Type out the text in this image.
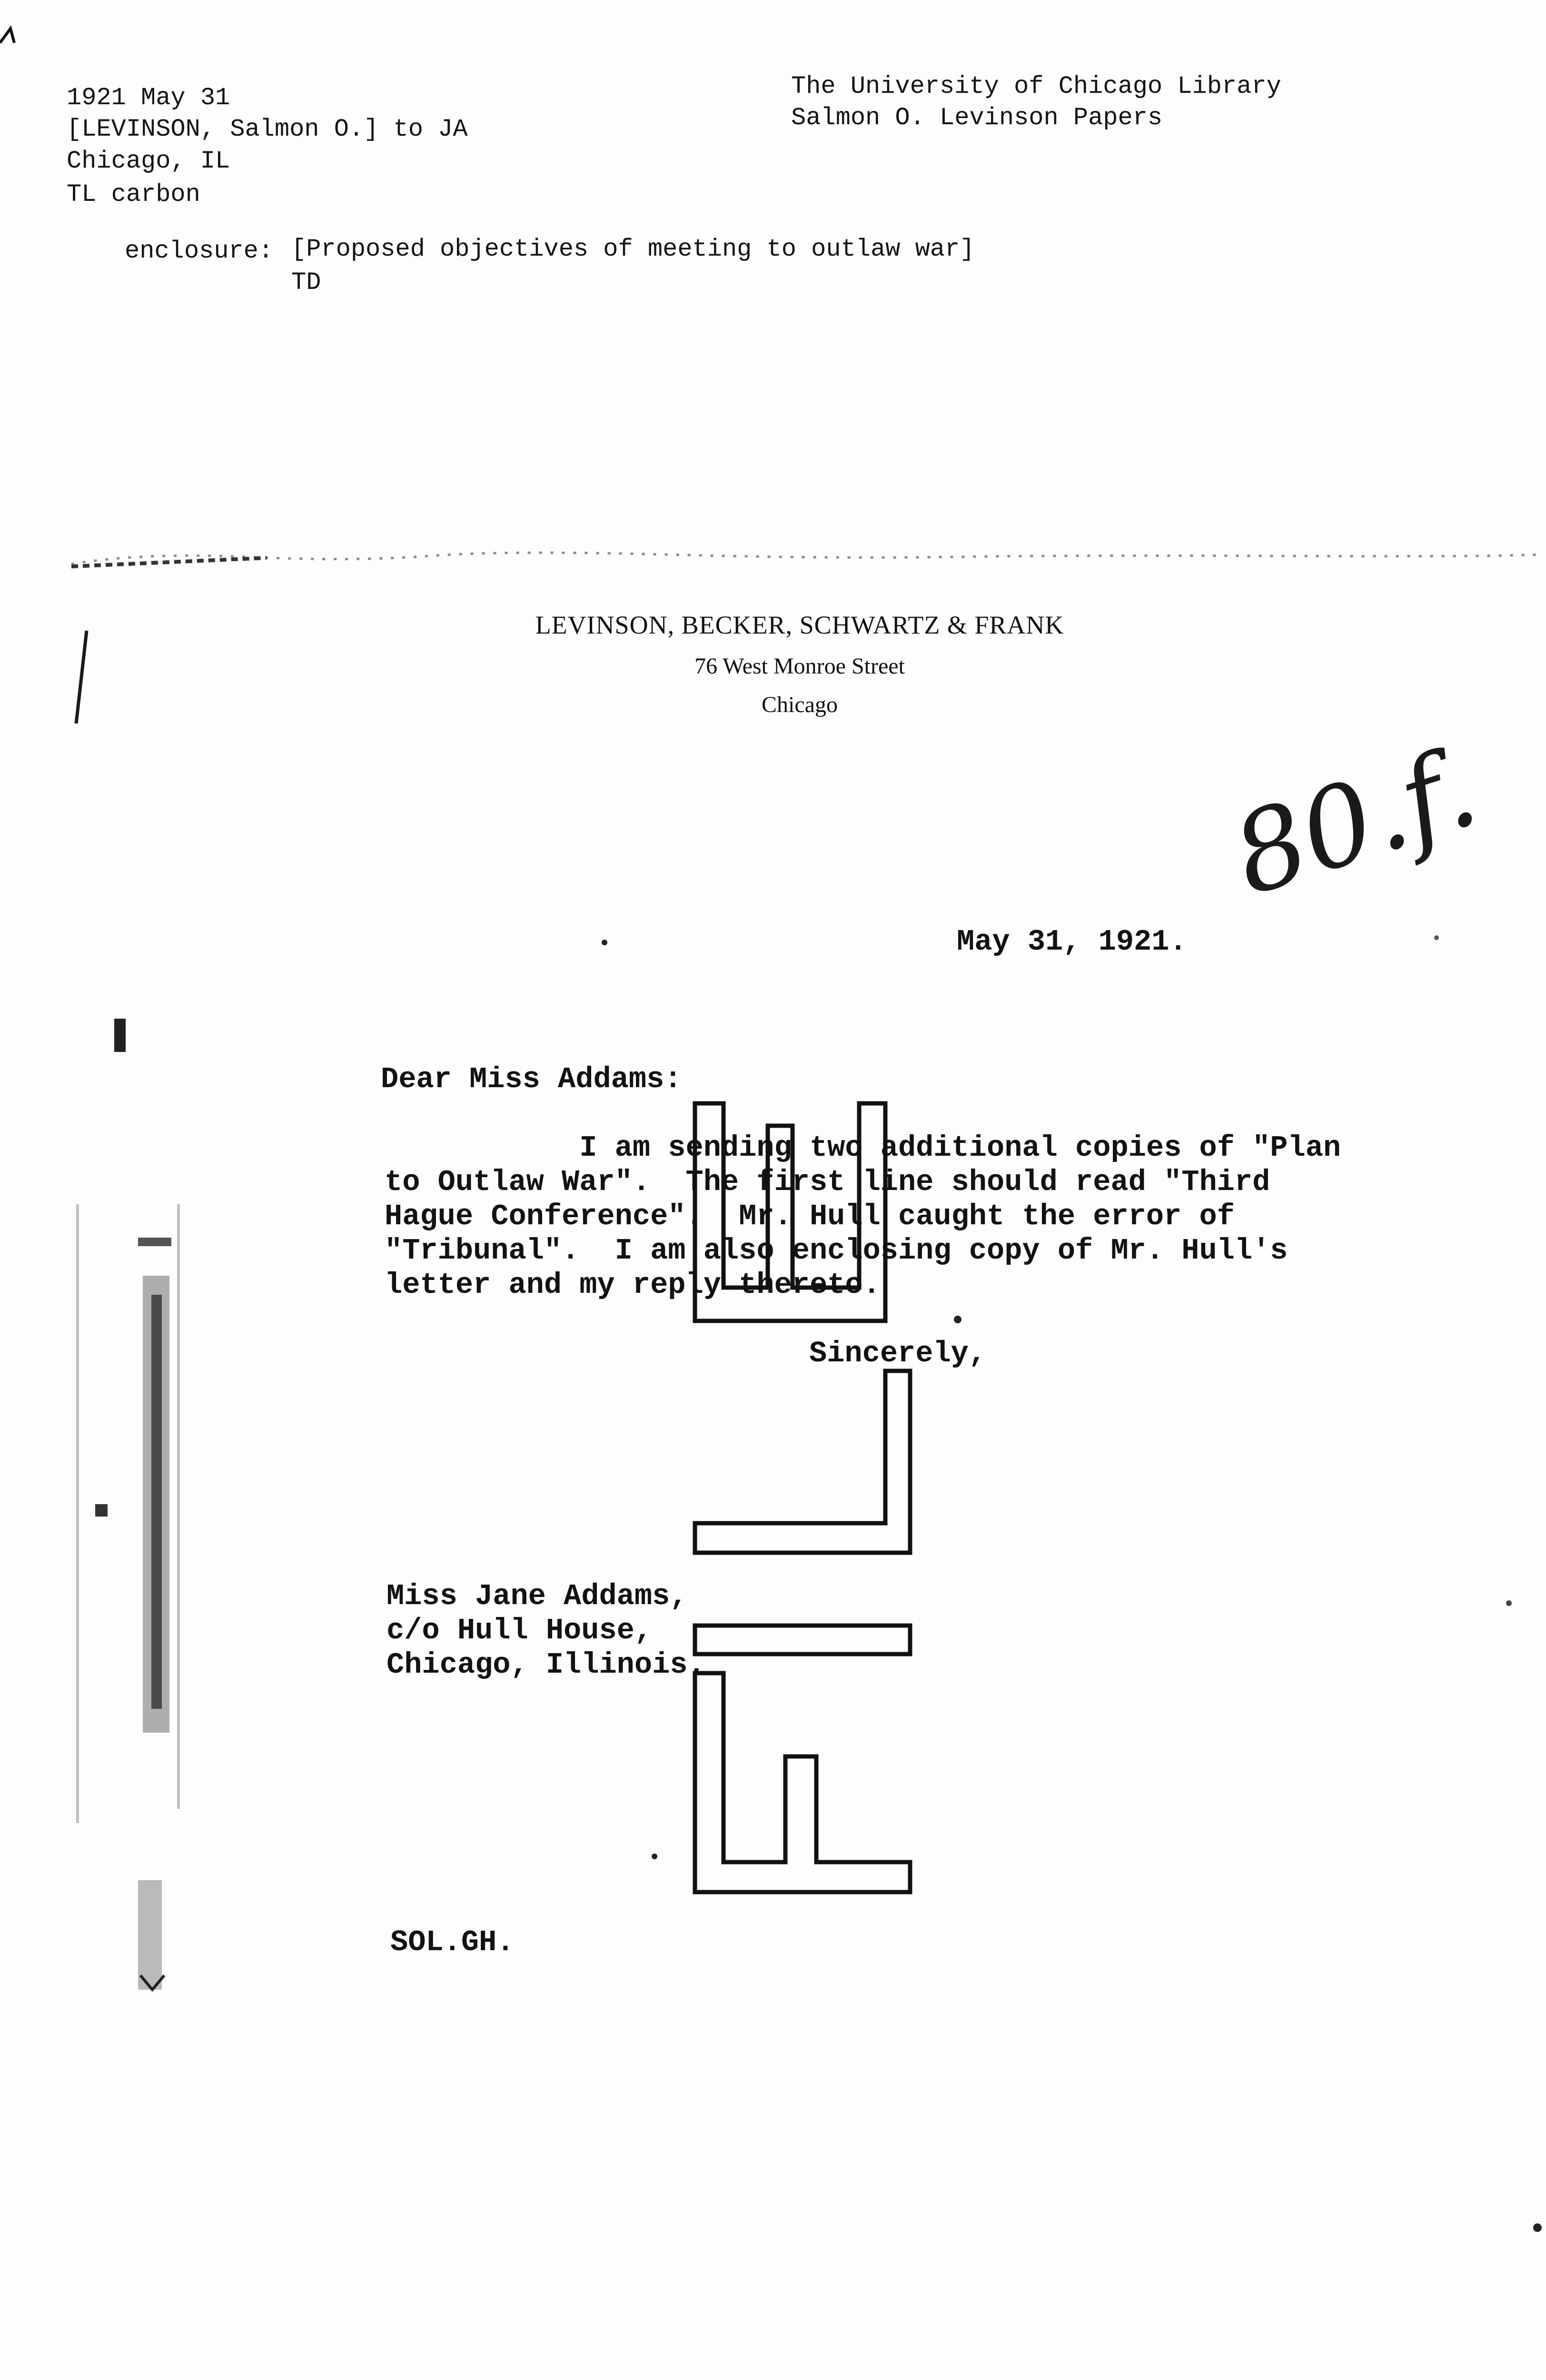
1921 May 31
[LEVINSON, Salmon O.] to JA
Chicago, IL
TL carbon
The University of Chicago Library
Salmon O. Levinson Papers
enclosure: [Proposed objectives of meeting to outlaw war]
TD
LEVINSON, BECKER, SCHWARTZ & FRANK
76 West Monroe Street
Chicago
80.f.
May 31, 1921.
Dear Miss Addams:
I am sending two additional copies of "Plan
to Outlaw War".  The first line should read "Third
Hague Conference".  Mr. Hull caught the error of
"Tribunal".  I am also enclosing copy of Mr. Hull's
letter and my reply thereto.
Sincerely,
Miss Jane Addams,
c/o Hull House,
Chicago, Illinois.
SOL.GH.
